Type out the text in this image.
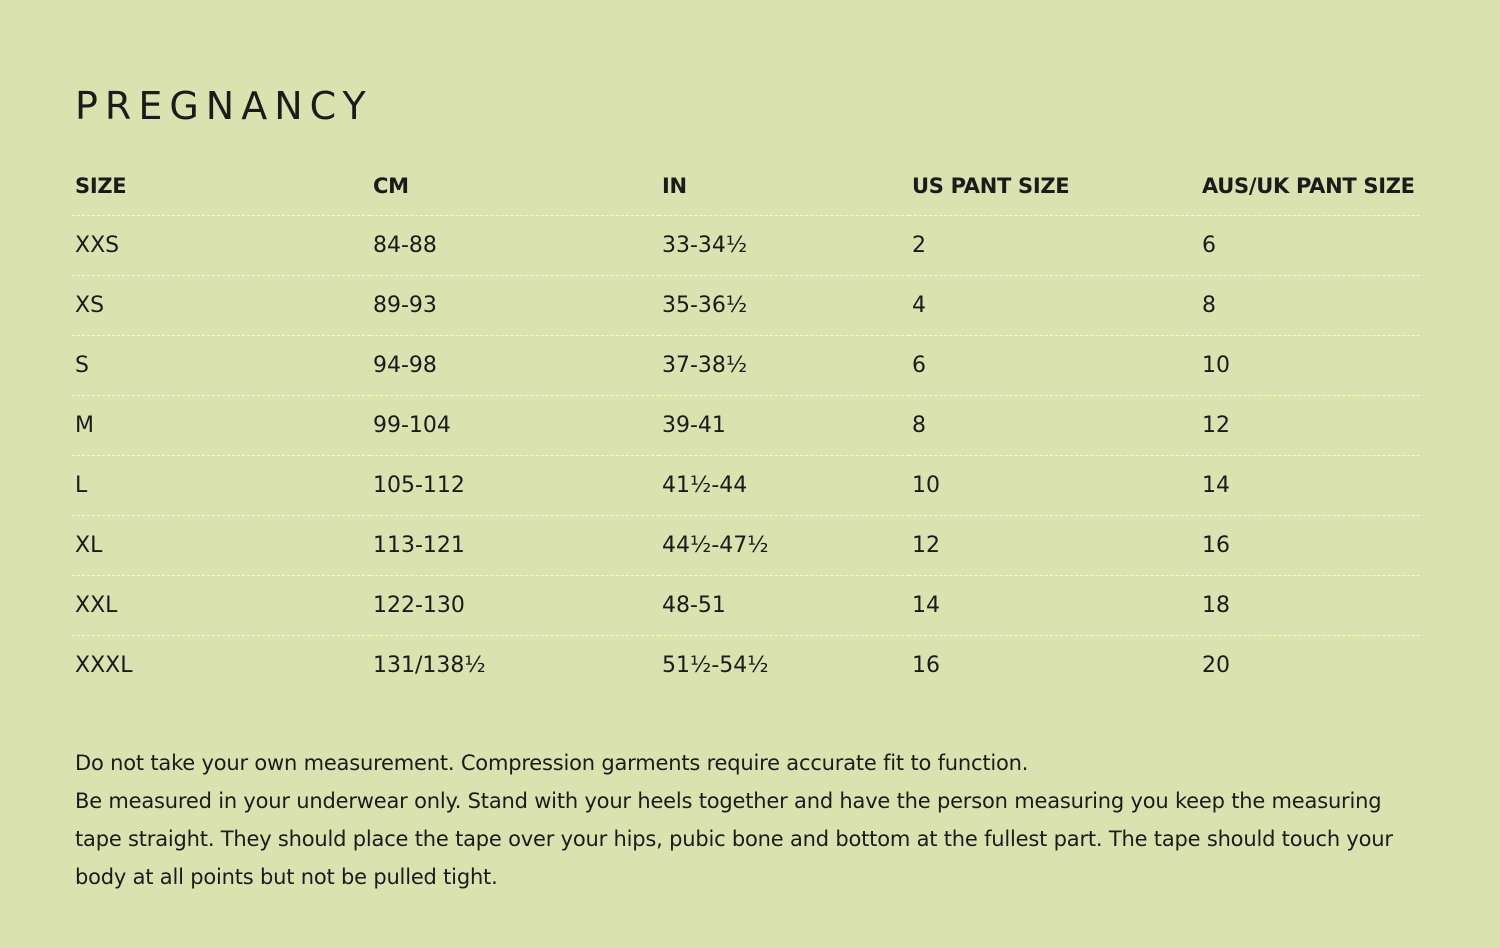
PREGNANCY
SIZE	CM	IN	US PANT SIZE	AUS/UK PANT SIZE
XXS	84-88	33-34½	2	6
XS	89-93	35-36½	4	8
S	94-98	37-38½	6	10
M	99-104	39-41	8	12
L	105-112	41½-44	10	14
XL	113-121	44½-47½	12	16
XXL	122-130	48-51	14	18
XXXL	131/138½	51½-54½	16	20

Do not take your own measurement. Compression garments require accurate fit to function.

Be measured in your underwear only. Stand with your heels together and have the person measuring you keep the measuring tape straight. They should place the tape over your hips, pubic bone and bottom at the fullest part. The tape should touch your body at all points but not be pulled tight.
